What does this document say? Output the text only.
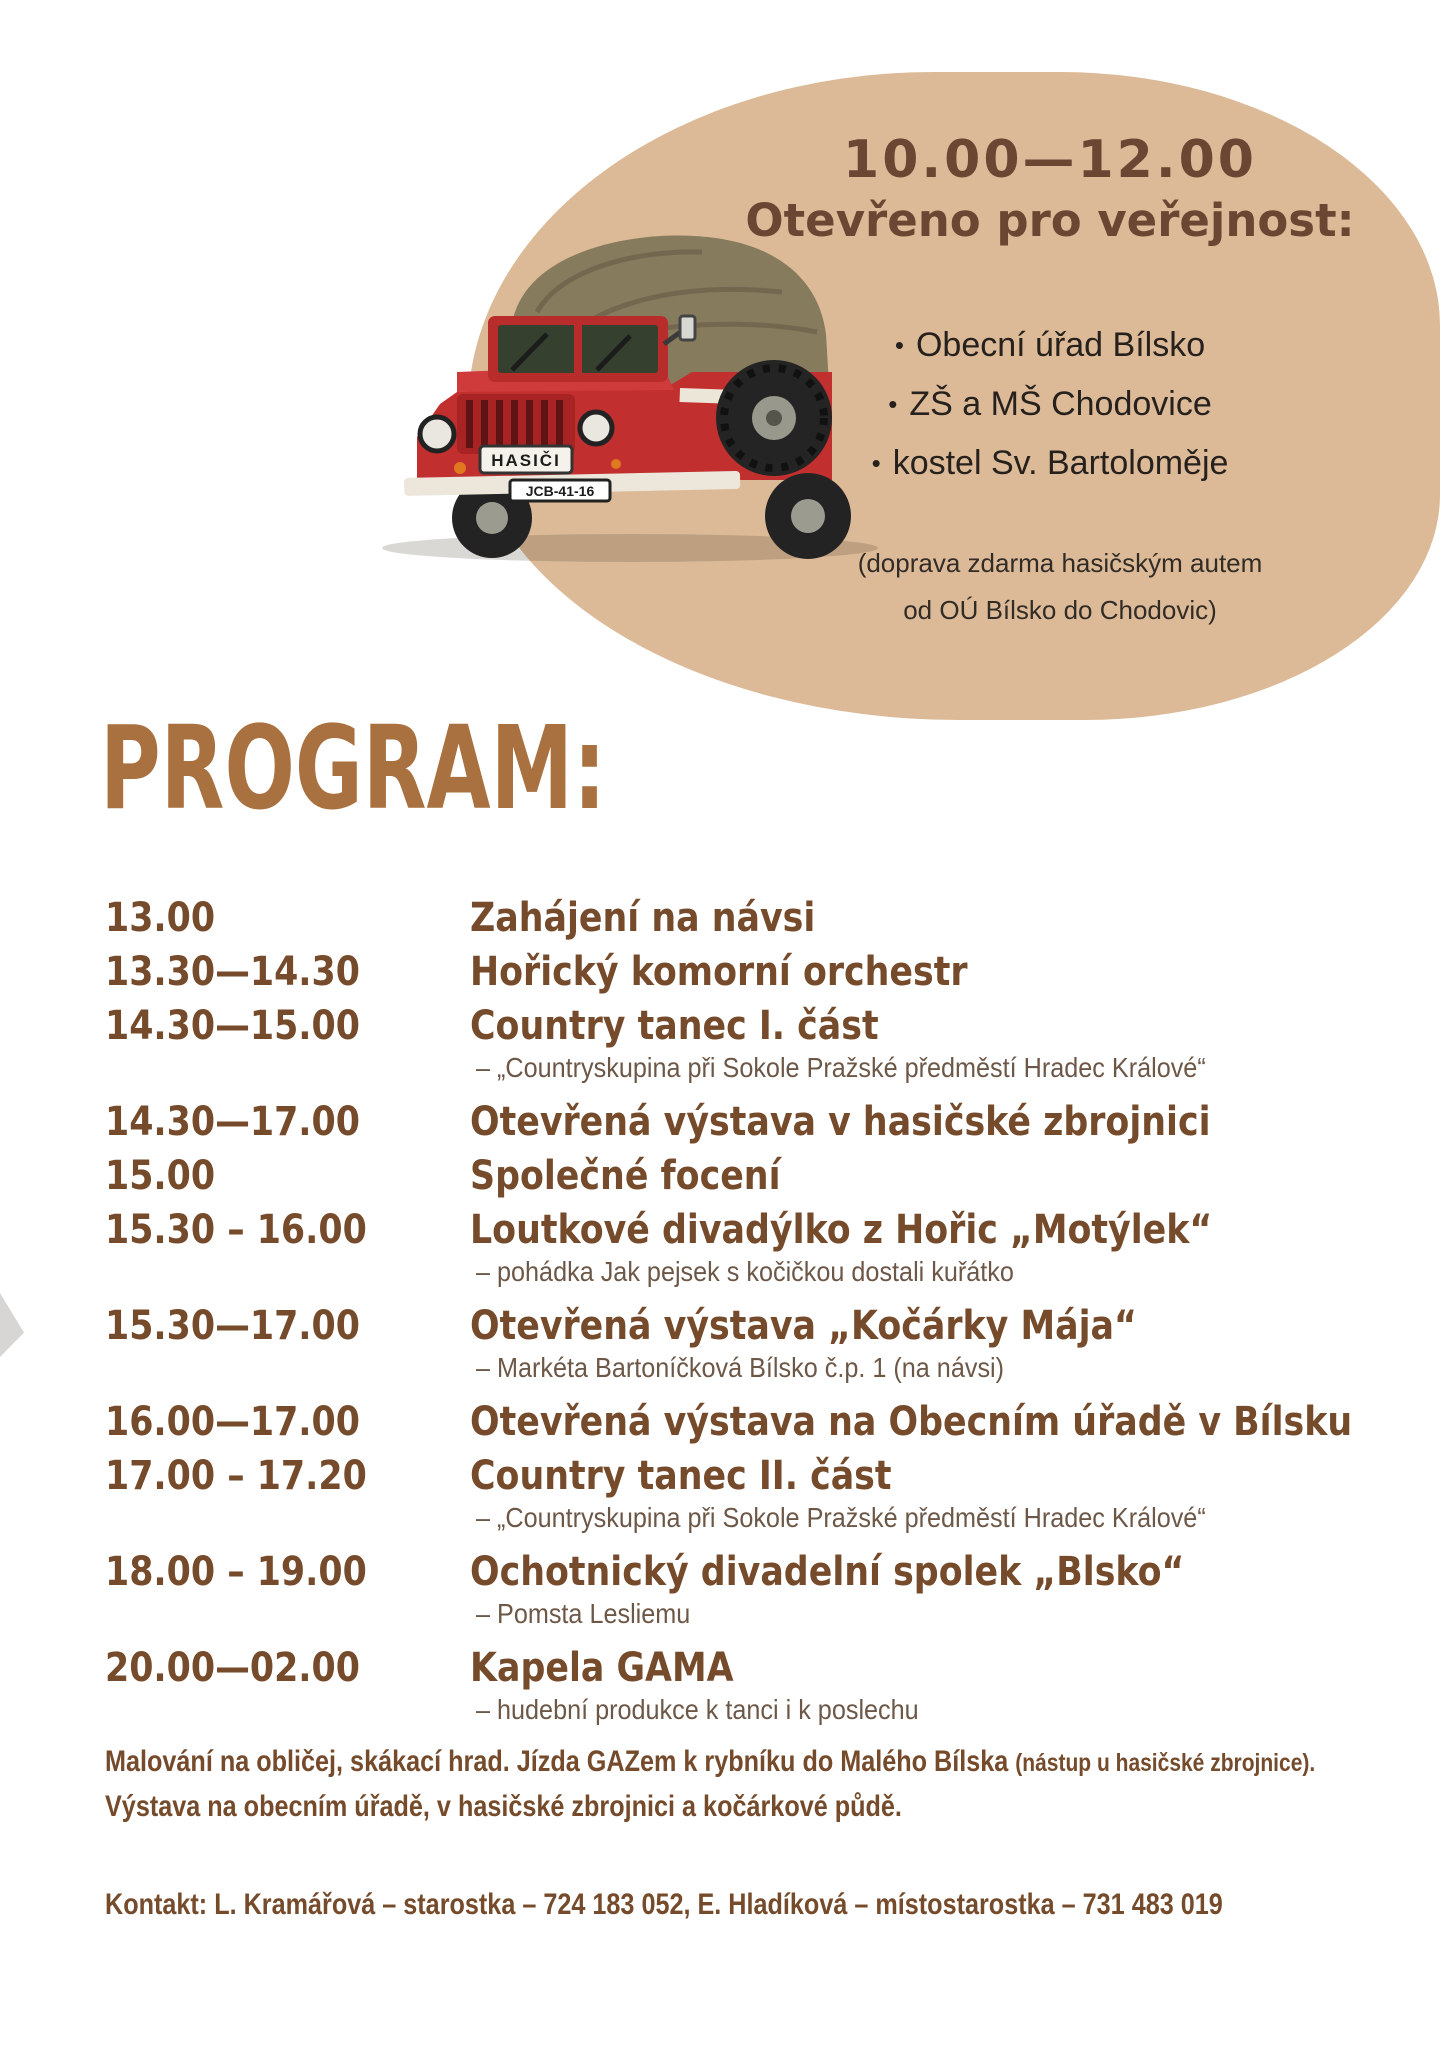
HASIČI
JCB-41-16
10.00—12.00
Otevřeno pro veřejnost:
• Obecní úřad Bílsko
• ZŠ a MŠ Chodovice
• kostel Sv. Bartoloměje
(doprava zdarma hasičským autem
od OÚ Bílsko do Chodovic)
PROGRAM:
13.00	Zahájení na návsi
13.30—14.30	Hořický komorní orchestr
14.30—15.00	Country tanec I. část
– „Countryskupina při Sokole Pražské předměstí Hradec Králové“
14.30—17.00	Otevřená výstava v hasičské zbrojnici
15.00	Společné focení
15.30 – 16.00	Loutkové divadýlko z Hořic „Motýlek“
– pohádka Jak pejsek s kočičkou dostali kuřátko
15.30—17.00	Otevřená výstava „Kočárky Mája“
– Markéta Bartoníčková Bílsko č.p. 1 (na návsi)
16.00—17.00	Otevřená výstava na Obecním úřadě v Bílsku
17.00 – 17.20	Country tanec II. část
– „Countryskupina při Sokole Pražské předměstí Hradec Králové“
18.00 – 19.00	Ochotnický divadelní spolek „Blsko“
– Pomsta Lesliemu
20.00—02.00	Kapela GAMA
– hudební produkce k tanci i k poslechu
Malování na obličej, skákací hrad. Jízda GAZem k rybníku do Malého Bílska (nástup u hasičské zbrojnice).
Výstava na obecním úřadě, v hasičské zbrojnici a kočárkové půdě.
Kontakt: L. Kramářová – starostka – 724 183 052, E. Hladíková – místostarostka – 731 483 019
